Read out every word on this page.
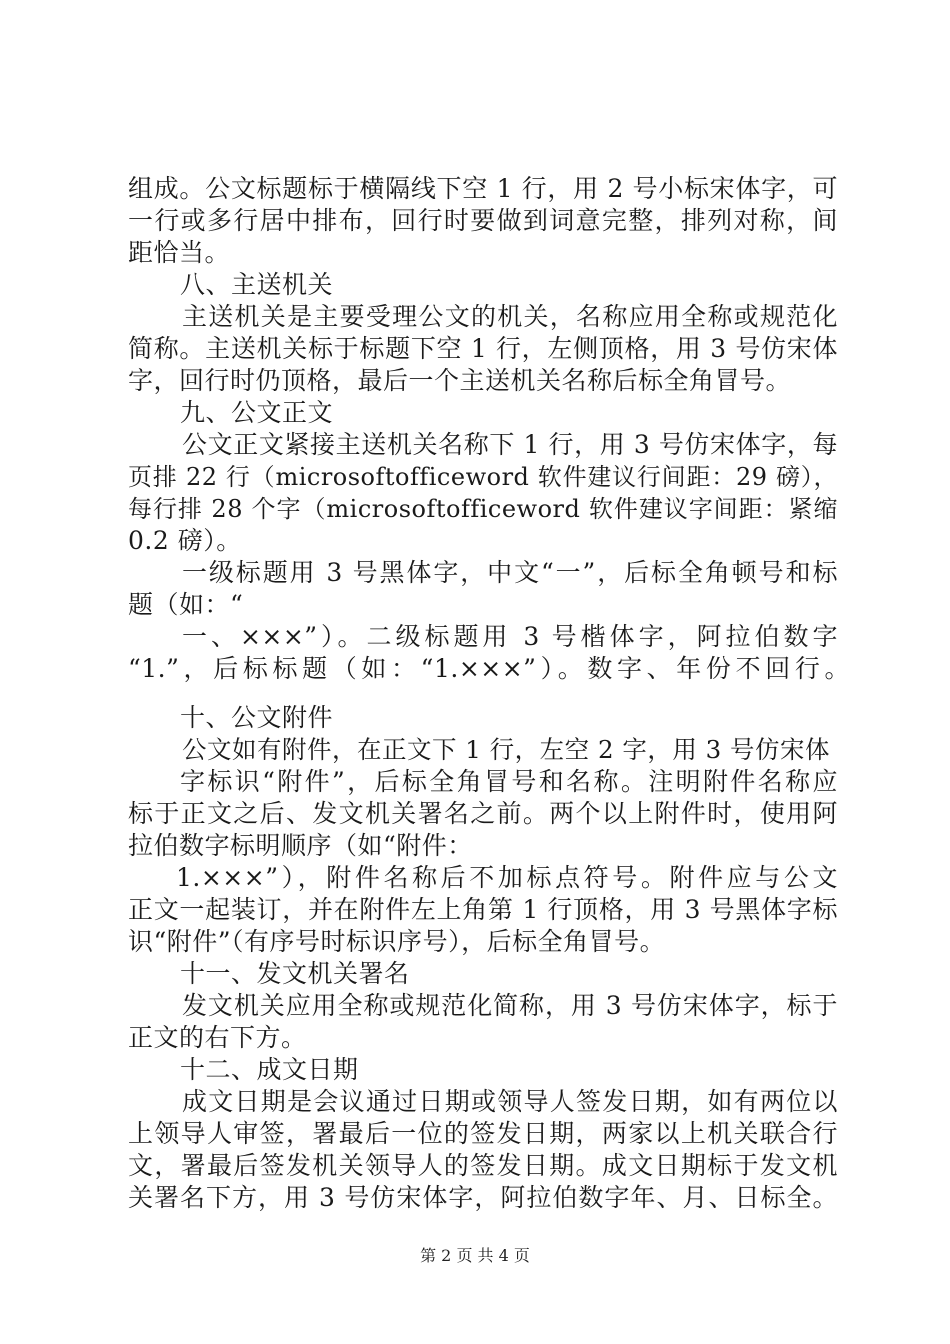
组成。公文标题标于横隔线下空 1 行，用 2 号小标宋体字，可
一行或多行居中排布，回行时要做到词意完整，排列对称，间
距恰当。
八、主送机关
主送机关是主要受理公文的机关，名称应用全称或规范化
简称。主送机关标于标题下空 1 行，左侧顶格，用 3 号仿宋体
字，回行时仍顶格，最后一个主送机关名称后标全角冒号。
九、公文正文
公文正文紧接主送机关名称下 1 行，用 3 号仿宋体字，每
页排 22 行（microsoftofficeword 软件建议行间距：29 磅），
每行排 28 个字（microsoftofficeword 软件建议字间距：紧缩
0.2 磅）。
一级标题用 3 号黑体字，中文“一”，后标全角顿号和标
题（如：“
一、×××”）。二级标题用 3 号楷体字，阿拉伯数字
“1.”，后标标题（如：“1.×××”）。数字、年份不回行。
十、公文附件
公文如有附件，在正文下 1 行，左空 2 字，用 3 号仿宋体
字标识“附件”，后标全角冒号和名称。注明附件名称应
标于正文之后、发文机关署名之前。两个以上附件时，使用阿
拉伯数字标明顺序（如“附件：
1.×××”），附件名称后不加标点符号。附件应与公文
正文一起装订，并在附件左上角第 1 行顶格，用 3 号黑体字标
识“附件”（有序号时标识序号），后标全角冒号。
十一、发文机关署名
发文机关应用全称或规范化简称，用 3 号仿宋体字，标于
正文的右下方。
十二、成文日期
成文日期是会议通过日期或领导人签发日期，如有两位以
上领导人审签，署最后一位的签发日期，两家以上机关联合行
文，署最后签发机关领导人的签发日期。成文日期标于发文机
关署名下方，用 3 号仿宋体字，阿拉伯数字年、月、日标全。
第 2 页 共 4 页
